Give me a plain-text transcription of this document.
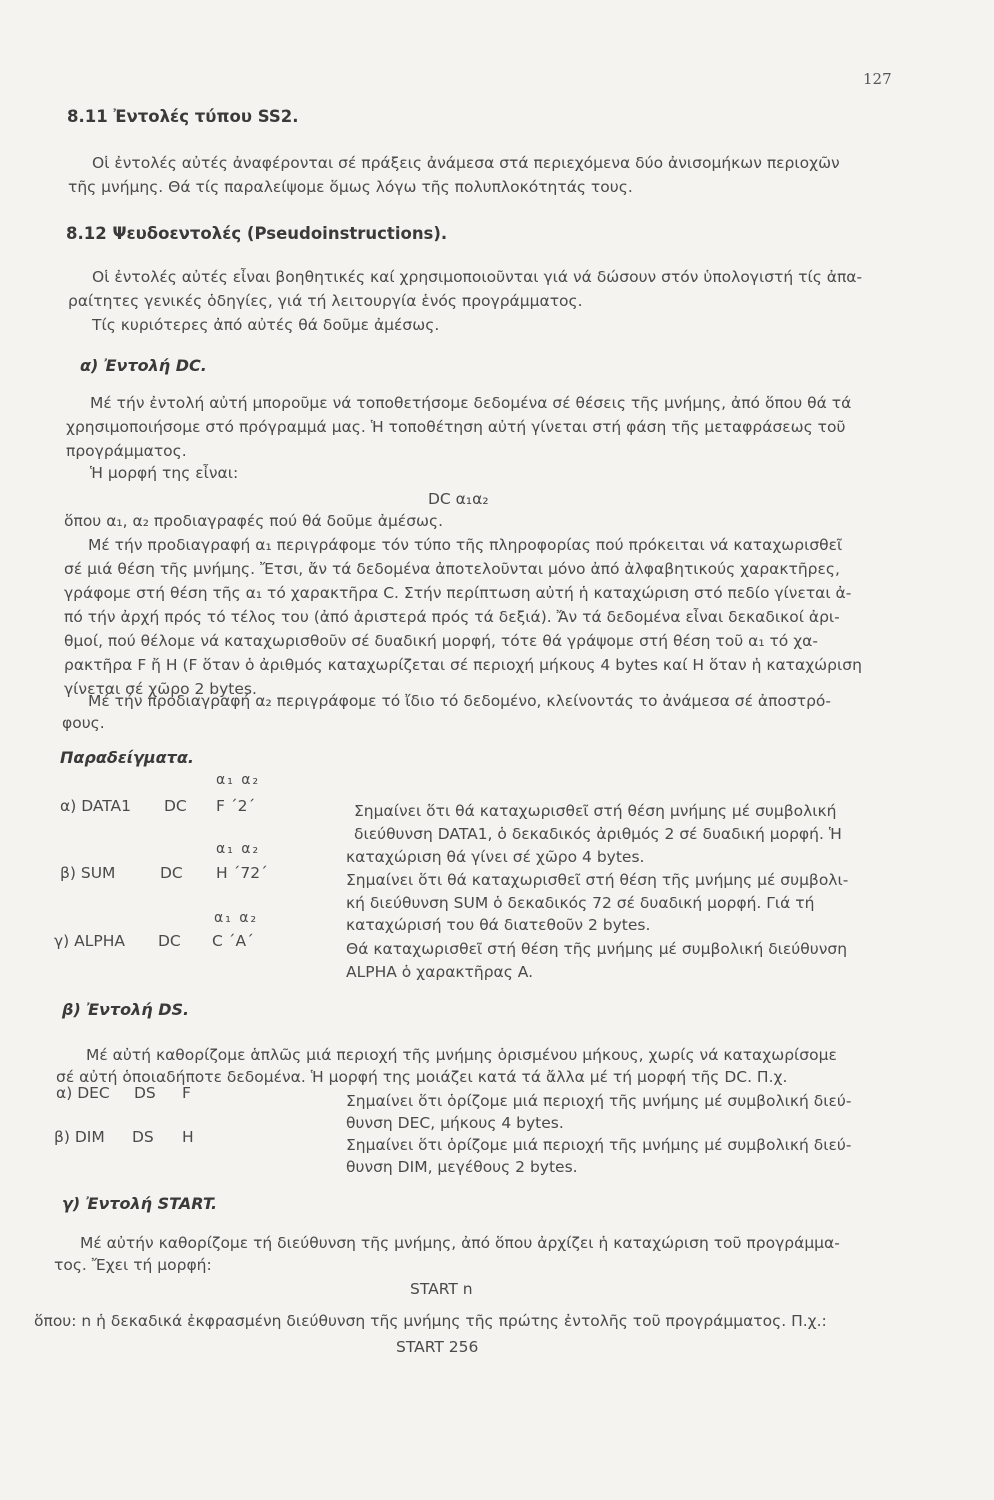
127
8.11 Ἐντολές τύπου SS2.
Οἱ ἐντολές αὐτές ἀναφέρονται σέ πράξεις ἀνάμεσα στά περιεχόμενα δύο ἀνισομήκων περιοχῶν
τῆς μνήμης. Θά τίς παραλείψομε ὅμως λόγω τῆς πολυπλοκότητάς τους.
8.12 Ψευδοεντολές (Pseudoinstructions).
Οἱ ἐντολές αὐτές εἶναι βοηθητικές καί χρησιμοποιοῦνται γιά νά δώσουν στόν ὑπολογιστή τίς ἀπα-
ραίτητες γενικές ὁδηγίες, γιά τή λειτουργία ἑνός προγράμματος.
Τίς κυριότερες ἀπό αὐτές θά δοῦμε ἀμέσως.
α) Ἐντολή DC.
Μέ τήν ἐντολή αὐτή μποροῦμε νά τοποθετήσομε δεδομένα σέ θέσεις τῆς μνήμης, ἀπό ὅπου θά τά
χρησιμοποιήσομε στό πρόγραμμά μας. Ἡ τοποθέτηση αὐτή γίνεται στή φάση τῆς μεταφράσεως τοῦ
προγράμματος.
Ἡ μορφή της εἶναι:
DC α₁α₂
ὅπου α₁, α₂ προδιαγραφές πού θά δοῦμε ἀμέσως.
Μέ τήν προδιαγραφή α₁ περιγράφομε τόν τύπο τῆς πληροφορίας πού πρόκειται νά καταχωρισθεῖ
σέ μιά θέση τῆς μνήμης. Ἔτσι, ἄν τά δεδομένα ἀποτελοῦνται μόνο ἀπό ἀλφαβητικούς χαρακτῆρες,
γράφομε στή θέση τῆς α₁ τό χαρακτῆρα C. Στήν περίπτωση αὐτή ἡ καταχώριση στό πεδίο γίνεται ἀ-
πό τήν ἀρχή πρός τό τέλος του (ἀπό ἀριστερά πρός τά δεξιά). Ἄν τά δεδομένα εἶναι δεκαδικοί ἀρι-
θμοί, πού θέλομε νά καταχωρισθοῦν σέ δυαδική μορφή, τότε θά γράψομε στή θέση τοῦ α₁ τό χα-
ρακτῆρα F ἤ H (F ὅταν ὁ ἀριθμός καταχωρίζεται σέ περιοχή μήκους 4 bytes καί H ὅταν ἡ καταχώριση
γίνεται σέ χῶρο 2 bytes.
Μέ τήν προδιαγραφή α₂ περιγράφομε τό ἴδιο τό δεδομένο, κλείνοντάς το ἀνάμεσα σέ ἀποστρό-
φους.
Παραδείγματα.
α₁ α₂
α) DATA1 DC F ΄2΄	Σημαίνει ὅτι θά καταχωρισθεῖ στή θέση μνήμης μέ συμβολική
διεύθυνση DATA1, ὁ δεκαδικός ἀριθμός 2 σέ δυαδική μορφή. Ἡ
καταχώριση θά γίνει σέ χῶρο 4 bytes.
α₁ α₂
β) SUM	DC H ΄72΄	Σημαίνει ὅτι θά καταχωρισθεῖ στή θέση τῆς μνήμης μέ συμβολι-
κή διεύθυνση SUM ὁ δεκαδικός 72 σέ δυαδική μορφή. Γιά τή
καταχώρισή του θά διατεθοῦν 2 bytes.
α₁ α₂
γ) ALPHA DC C ΄A΄	Θά καταχωρισθεῖ στή θέση τῆς μνήμης μέ συμβολική διεύθυνση
ALPHA ὁ χαρακτῆρας A.
β) Ἐντολή DS.
Μέ αὐτή καθορίζομε ἁπλῶς μιά περιοχή τῆς μνήμης ὁρισμένου μήκους, χωρίς νά καταχωρίσομε
σέ αὐτή ὁποιαδήποτε δεδομένα. Ἡ μορφή της μοιάζει κατά τά ἄλλα μέ τή μορφή τῆς DC. Π.χ.
α) DEC DS F	Σημαίνει ὅτι ὁρίζομε μιά περιοχή τῆς μνήμης μέ συμβολική διεύ-
θυνση DEC, μήκους 4 bytes.
β) DIM DS H	Σημαίνει ὅτι ὁρίζομε μιά περιοχή τῆς μνήμης μέ συμβολική διεύ-
θυνση DIM, μεγέθους 2 bytes.
γ) Ἐντολή START.
Μέ αὐτήν καθορίζομε τή διεύθυνση τῆς μνήμης, ἀπό ὅπου ἀρχίζει ἡ καταχώριση τοῦ προγράμμα-
τος. Ἔχει τή μορφή:
START n
ὅπου: n ἡ δεκαδικά ἐκφρασμένη διεύθυνση τῆς μνήμης τῆς πρώτης ἐντολῆς τοῦ προγράμματος. Π.χ.:
START 256
